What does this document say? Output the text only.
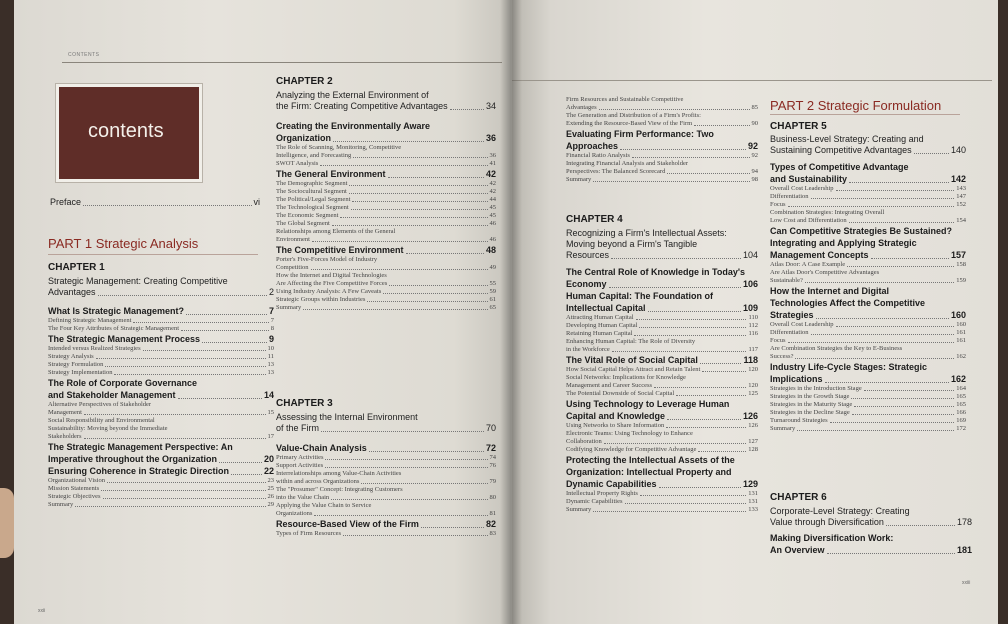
CONTENTS
contents
Preface	vi
PART 1 Strategic Analysis
CHAPTER 1
Strategic Management: Creating Competitive
Advantages	2
What Is Strategic Management?	7
Defining Strategic Management	7
The Four Key Attributes of Strategic Management	8
The Strategic Management Process	9
Intended versus Realized Strategies	10
Strategy Analysis	11
Strategy Formulation	13
Strategy Implementation	13
The Role of Corporate Governance
and Stakeholder Management	14
Alternative Perspectives of Stakeholder
Management	15
Social Responsibility and Environmental
Sustainability: Moving beyond the Immediate
Stakeholders	17
The Strategic Management Perspective: An
Imperative throughout the Organization	20
Ensuring Coherence in Strategic Direction	22
Organizational Vision	23
Mission Statements	25
Strategic Objectives	26
Summary	29
CHAPTER 2
Analyzing the External Environment of
the Firm: Creating Competitive Advantages	34
Creating the Environmentally Aware
Organization	36
The Role of Scanning, Monitoring, Competitive
Intelligence, and Forecasting	36
SWOT Analysis	41
The General Environment	42
The Demographic Segment	42
The Sociocultural Segment	42
The Political/Legal Segment	44
The Technological Segment	45
The Economic Segment	45
The Global Segment	46
Relationships among Elements of the General
Environment	46
The Competitive Environment	48
Porter's Five-Forces Model of Industry
Competition	49
How the Internet and Digital Technologies
Are Affecting the Five Competitive Forces	55
Using Industry Analysis: A Few Caveats	59
Strategic Groups within Industries	61
Summary	65
CHAPTER 3
Assessing the Internal Environment
of the Firm	70
Value-Chain Analysis	72
Primary Activities	74
Support Activities	76
Interrelationships among Value-Chain Activities
within and across Organizations	79
The "Prosumer" Concept: Integrating Customers
into the Value Chain	80
Applying the Value Chain to Service
Organizations	81
Resource-Based View of the Firm	82
Types of Firm Resources	83
xxii
Firm Resources and Sustainable Competitive
Advantages	85
The Generation and Distribution of a Firm's Profits:
Extending the Resource-Based View of the Firm	90
Evaluating Firm Performance: Two
Approaches	92
Financial Ratio Analysis	92
Integrating Financial Analysis and Stakeholder
Perspectives: The Balanced Scorecard	94
Summary	98
CHAPTER 4
Recognizing a Firm's Intellectual Assets:
Moving beyond a Firm's Tangible
Resources	104
The Central Role of Knowledge in Today's
Economy	106
Human Capital: The Foundation of
Intellectual Capital	109
Attracting Human Capital	110
Developing Human Capital	112
Retaining Human Capital	116
Enhancing Human Capital: The Role of Diversity
in the Workforce	117
The Vital Role of Social Capital	118
How Social Capital Helps Attract and Retain Talent	120
Social Networks: Implications for Knowledge
Management and Career Success	120
The Potential Downside of Social Capital	125
Using Technology to Leverage Human
Capital and Knowledge	126
Using Networks to Share Information	126
Electronic Teams: Using Technology to Enhance
Collaboration	127
Codifying Knowledge for Competitive Advantage	128
Protecting the Intellectual Assets of the
Organization: Intellectual Property and
Dynamic Capabilities	129
Intellectual Property Rights	131
Dynamic Capabilities	131
Summary	133
PART 2 Strategic Formulation
CHAPTER 5
Business-Level Strategy: Creating and
Sustaining Competitive Advantages	140
Types of Competitive Advantage
and Sustainability	142
Overall Cost Leadership	143
Differentiation	147
Focus	152
Combination Strategies: Integrating Overall
Low Cost and Differentiation	154
Can Competitive Strategies Be Sustained?
Integrating and Applying Strategic
Management Concepts	157
Atlas Door: A Case Example	158
Are Atlas Door's Competitive Advantages
Sustainable?	159
How the Internet and Digital
Technologies Affect the Competitive
Strategies	160
Overall Cost Leadership	160
Differentiation	161
Focus	161
Are Combination Strategies the Key to E-Business
Success?	162
Industry Life-Cycle Stages: Strategic
Implications	162
Strategies in the Introduction Stage	164
Strategies in the Growth Stage	165
Strategies in the Maturity Stage	165
Strategies in the Decline Stage	166
Turnaround Strategies	169
Summary	172
CHAPTER 6
Corporate-Level Strategy: Creating
Value through Diversification	178
Making Diversification Work:
An Overview	181
xxiii
